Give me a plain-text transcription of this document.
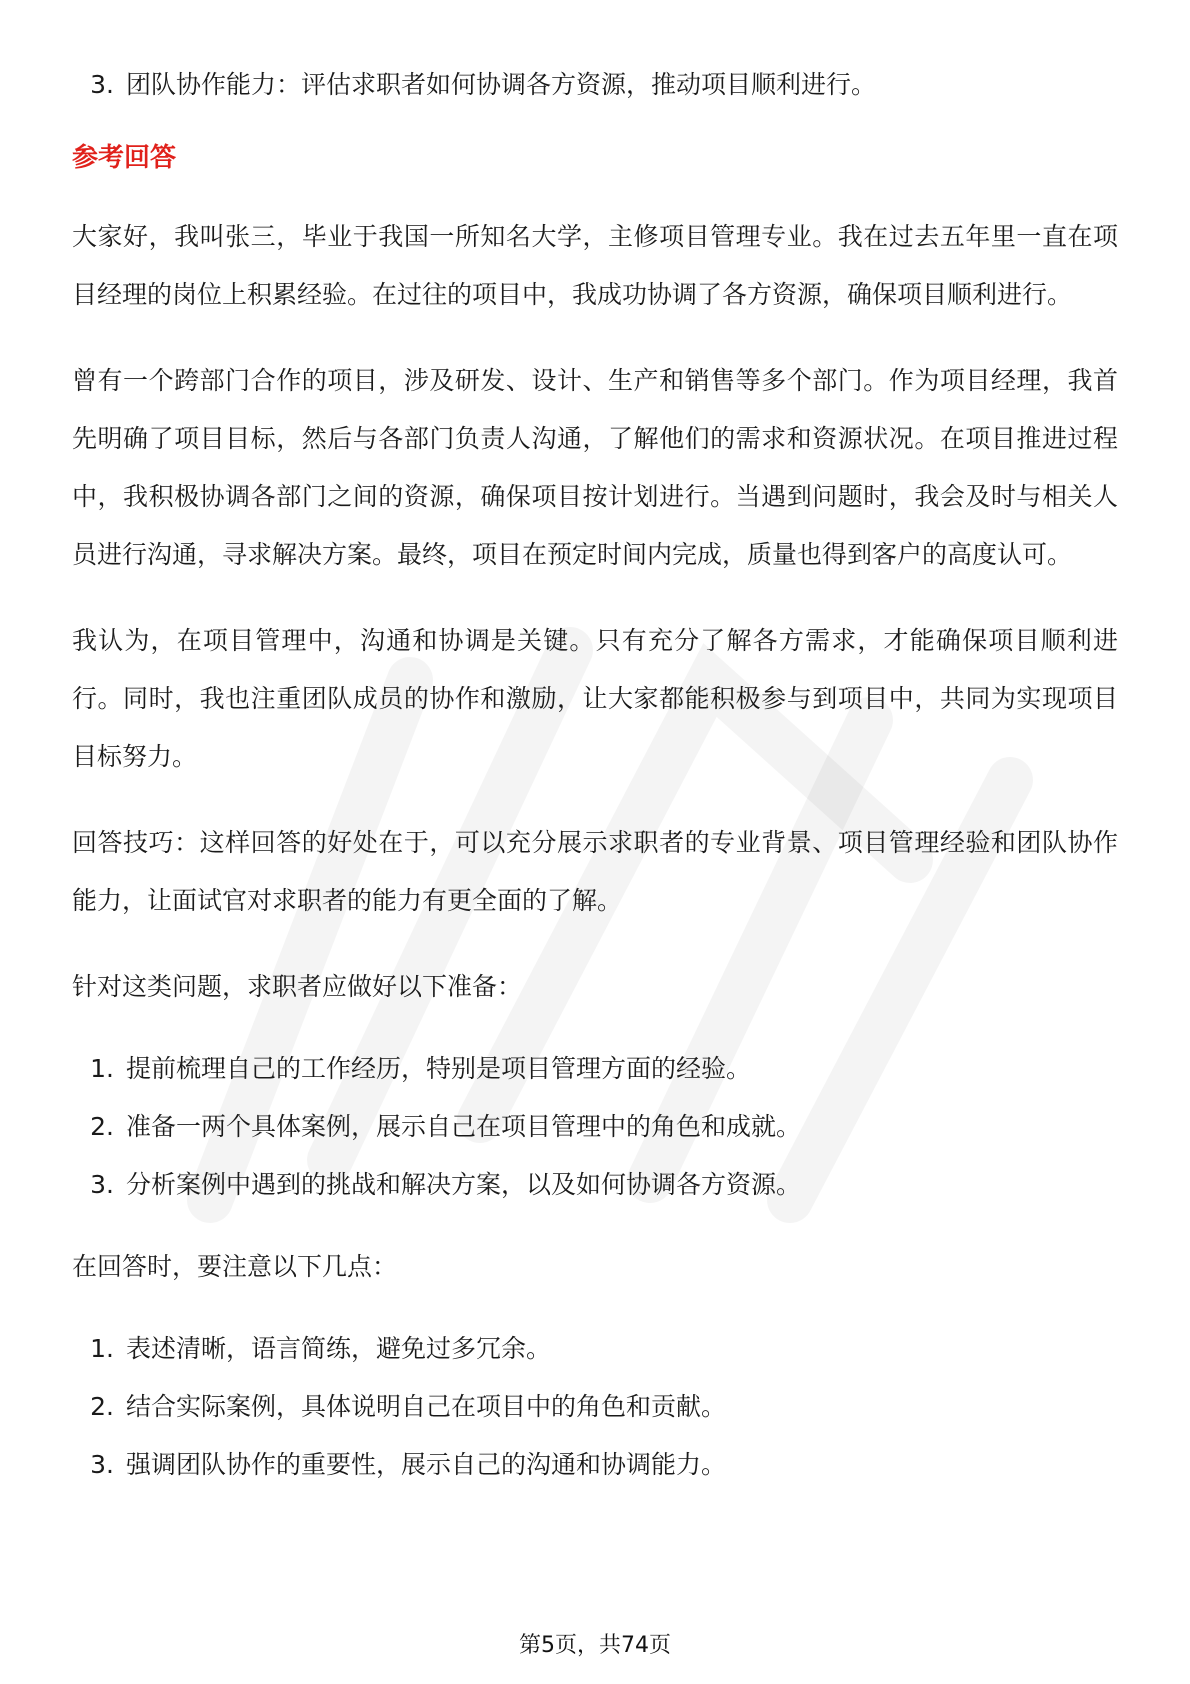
3. 团队协作能力：评估求职者如何协调各方资源，推动项目顺利进行。
参考回答

大家好，我叫张三，毕业于我国一所知名大学，主修项目管理专业。我在过去五年里一直在项目经理的岗位上积累经验。在过往的项目中，我成功协调了各方资源，确保项目顺利进行。

曾有一个跨部门合作的项目，涉及研发、设计、生产和销售等多个部门。作为项目经理，我首先明确了项目目标，然后与各部门负责人沟通，了解他们的需求和资源状况。在项目推进过程中，我积极协调各部门之间的资源，确保项目按计划进行。当遇到问题时，我会及时与相关人员进行沟通，寻求解决方案。最终，项目在预定时间内完成，质量也得到客户的高度认可。

我认为，在项目管理中，沟通和协调是关键。只有充分了解各方需求，才能确保项目顺利进行。同时，我也注重团队成员的协作和激励，让大家都能积极参与到项目中，共同为实现项目目标努力。

回答技巧：这样回答的好处在于，可以充分展示求职者的专业背景、项目管理经验和团队协作能力，让面试官对求职者的能力有更全面的了解。

针对这类问题，求职者应做好以下准备：

1. 提前梳理自己的工作经历，特别是项目管理方面的经验。
2. 准备一两个具体案例，展示自己在项目管理中的角色和成就。
3. 分析案例中遇到的挑战和解决方案，以及如何协调各方资源。

在回答时，要注意以下几点：

1. 表述清晰，语言简练，避免过多冗余。
2. 结合实际案例，具体说明自己在项目中的角色和贡献。
3. 强调团队协作的重要性，展示自己的沟通和协调能力。
第5页，共74页
